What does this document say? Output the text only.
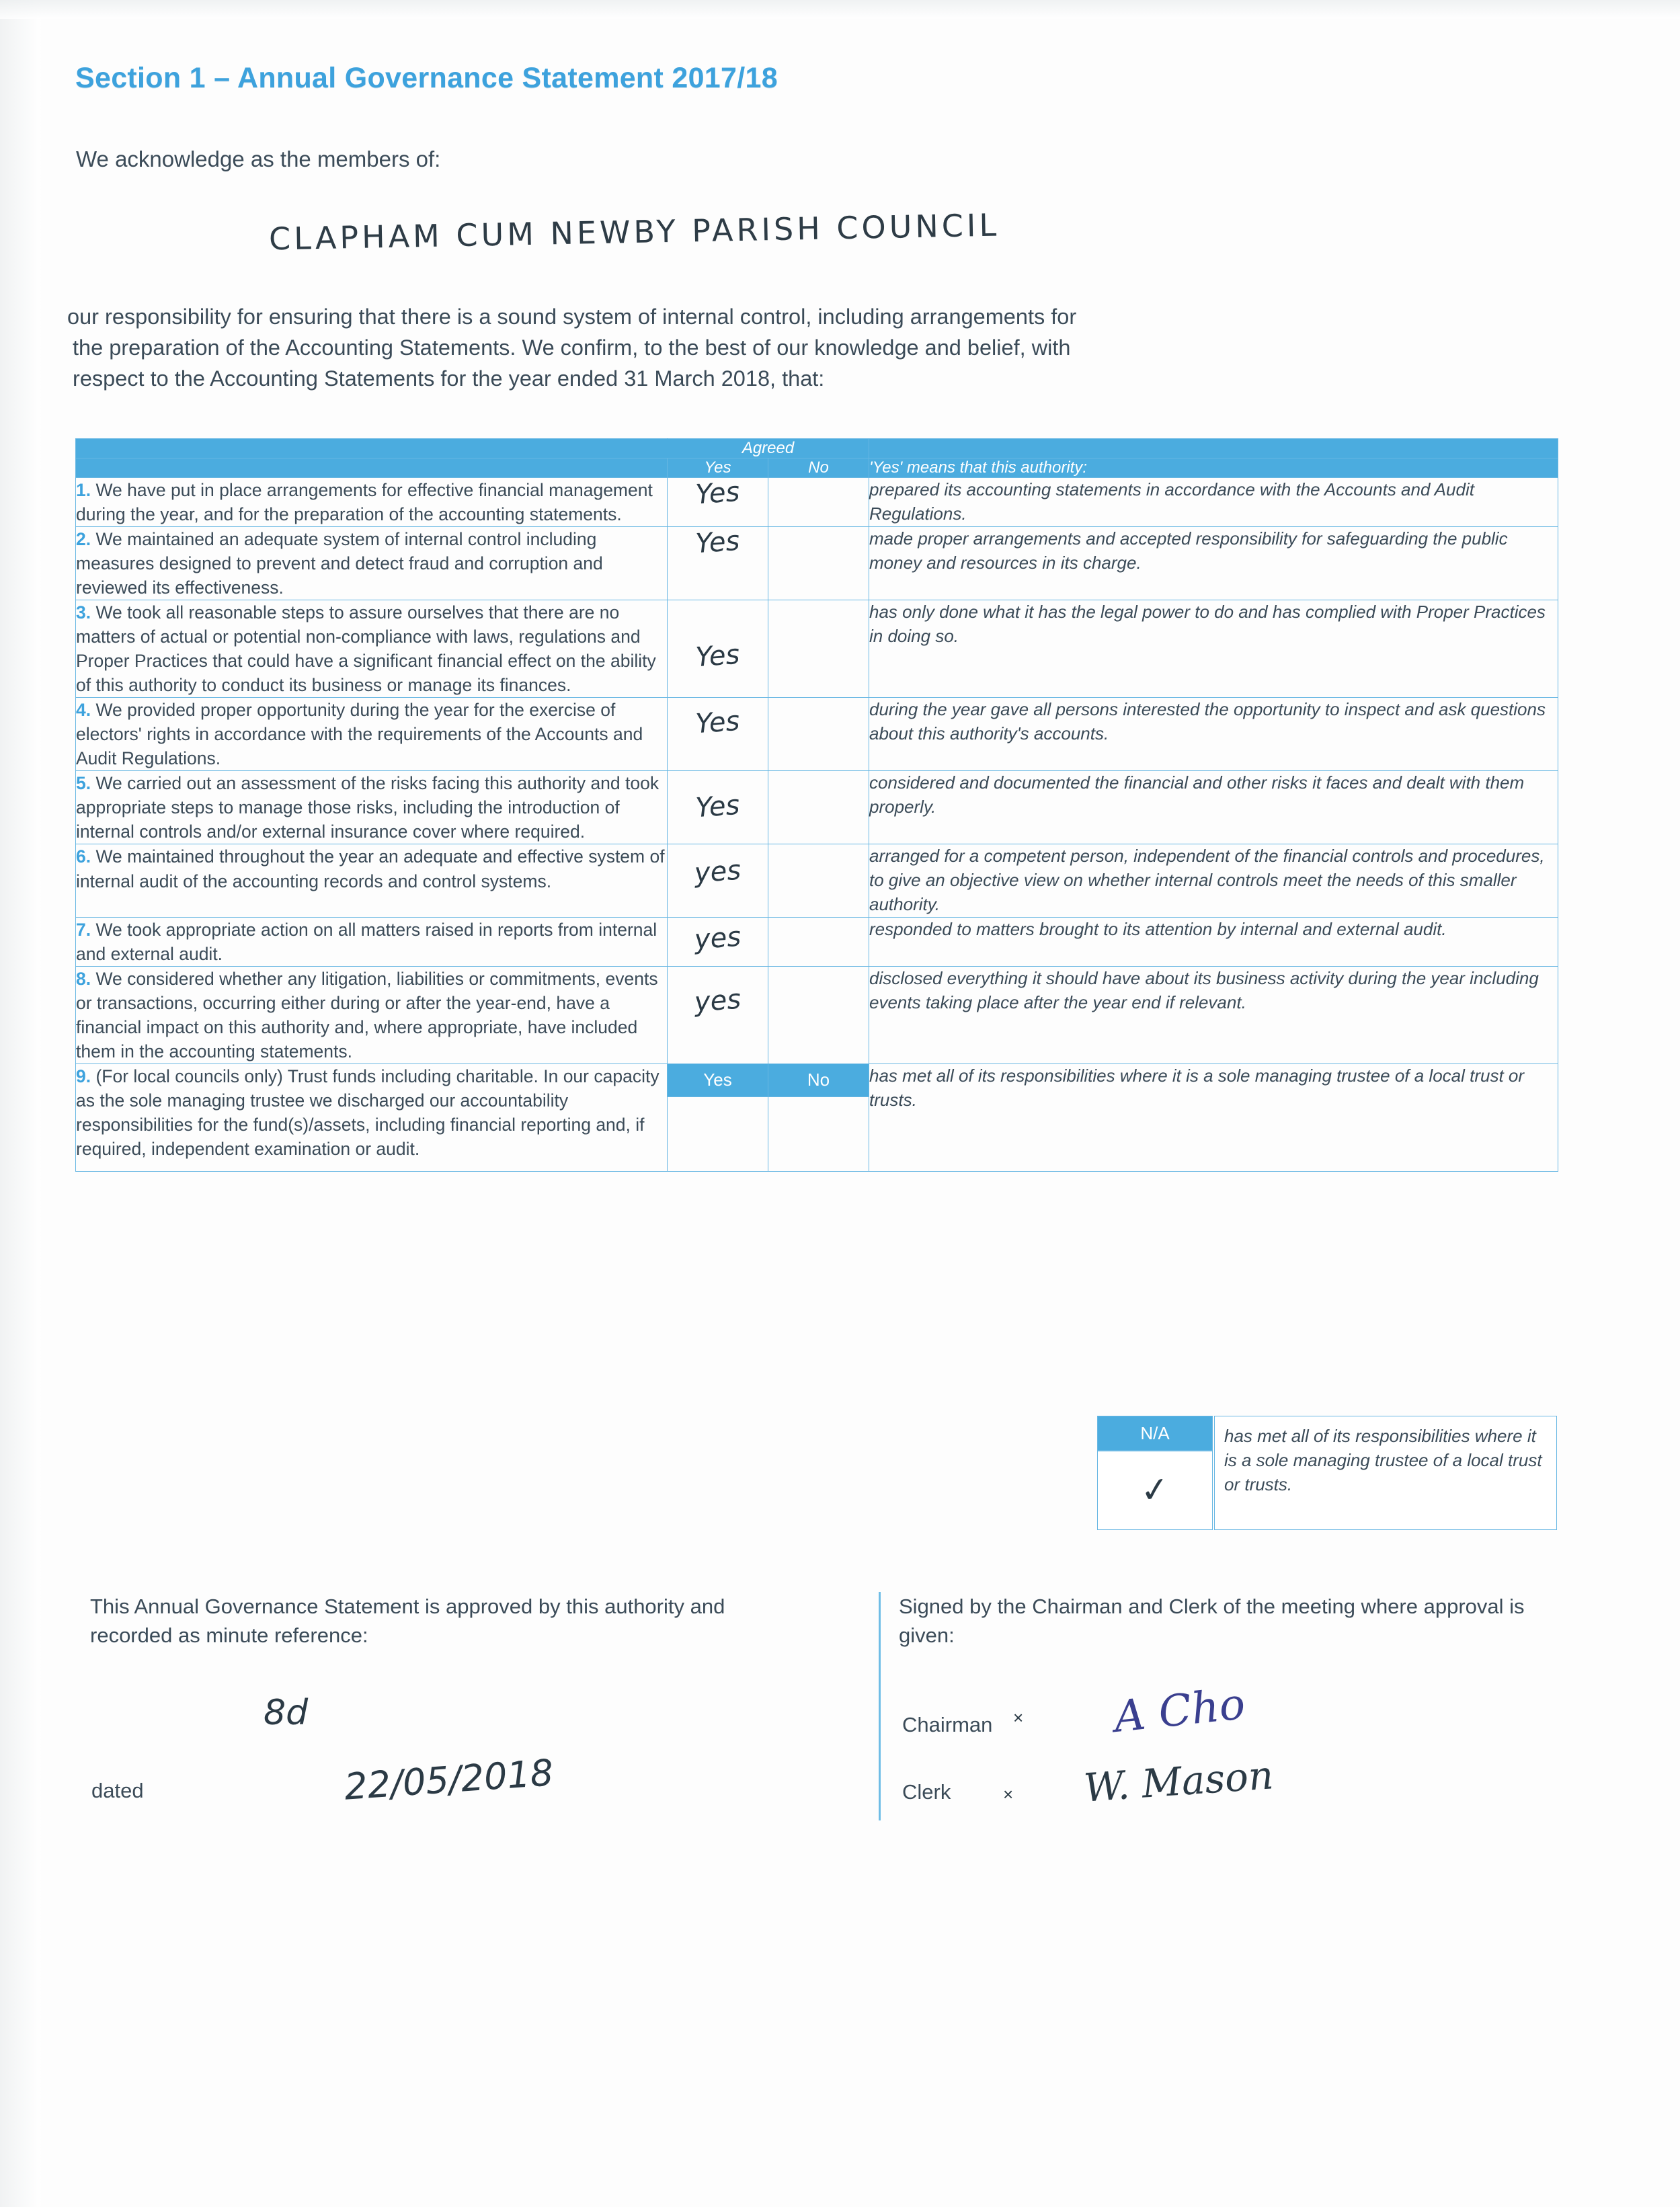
Section 1 – Annual Governance Statement 2017/18
We acknowledge as the members of:
CLAPHAM CUM NEWBY PARISH COUNCIL
our responsibility for ensuring that there is a sound system of internal control, including arrangements for
the preparation of the Accounting Statements. We confirm, to the best of our knowledge and belief, with
respect to the Accounting Statements for the year ended 31 March 2018, that:
	Agreed		
	Yes	No	'Yes' means that this authority:
1. We have put in place arrangements for effective financial management during the year, and for the preparation of the accounting statements.	Yes		prepared its accounting statements in accordance with the Accounts and Audit Regulations.
2. We maintained an adequate system of internal control including measures designed to prevent and detect fraud and corruption and reviewed its effectiveness.	Yes		made proper arrangements and accepted responsibility for safeguarding the public money and resources in its charge.
3. We took all reasonable steps to assure ourselves that there are no matters of actual or potential non-compliance with laws, regulations and Proper Practices that could have a significant financial effect on the ability of this authority to conduct its business or manage its finances.	Yes		has only done what it has the legal power to do and has complied with Proper Practices in doing so.
4. We provided proper opportunity during the year for the exercise of electors' rights in accordance with the requirements of the Accounts and Audit Regulations.	Yes		during the year gave all persons interested the opportunity to inspect and ask questions about this authority's accounts.
5. We carried out an assessment of the risks facing this authority and took appropriate steps to manage those risks, including the introduction of internal controls and/or external insurance cover where required.	Yes		considered and documented the financial and other risks it faces and dealt with them properly.
6. We maintained throughout the year an adequate and effective system of internal audit of the accounting records and control systems.	yes		arranged for a competent person, independent of the financial controls and procedures, to give an objective view on whether internal controls meet the needs of this smaller authority.
7. We took appropriate action on all matters raised in reports from internal and external audit.	yes		responded to matters brought to its attention by internal and external audit.
8. We considered whether any litigation, liabilities or commitments, events or transactions, occurring either during or after the year-end, have a financial impact on this authority and, where appropriate, have included them in the accounting statements.	yes		disclosed everything it should have about its business activity during the year including events taking place after the year end if relevant.
9. (For local councils only) Trust funds including charitable. In our capacity as the sole managing trustee we discharged our accountability responsibilities for the fund(s)/assets, including financial reporting and, if required, independent examination or audit.	Yes	No	has met all of its responsibilities where it is a sole managing trustee of a local trust or trusts.

N/A
✓
has met all of its responsibilities where it is a sole managing trustee of a local trust or trusts.
This Annual Governance Statement is approved by this authority and recorded as minute reference:
8d
dated	22/05/2018
Signed by the Chairman and Clerk of the meeting where approval is given:
Chairman × A Cho
Clerk	× W. Mason
